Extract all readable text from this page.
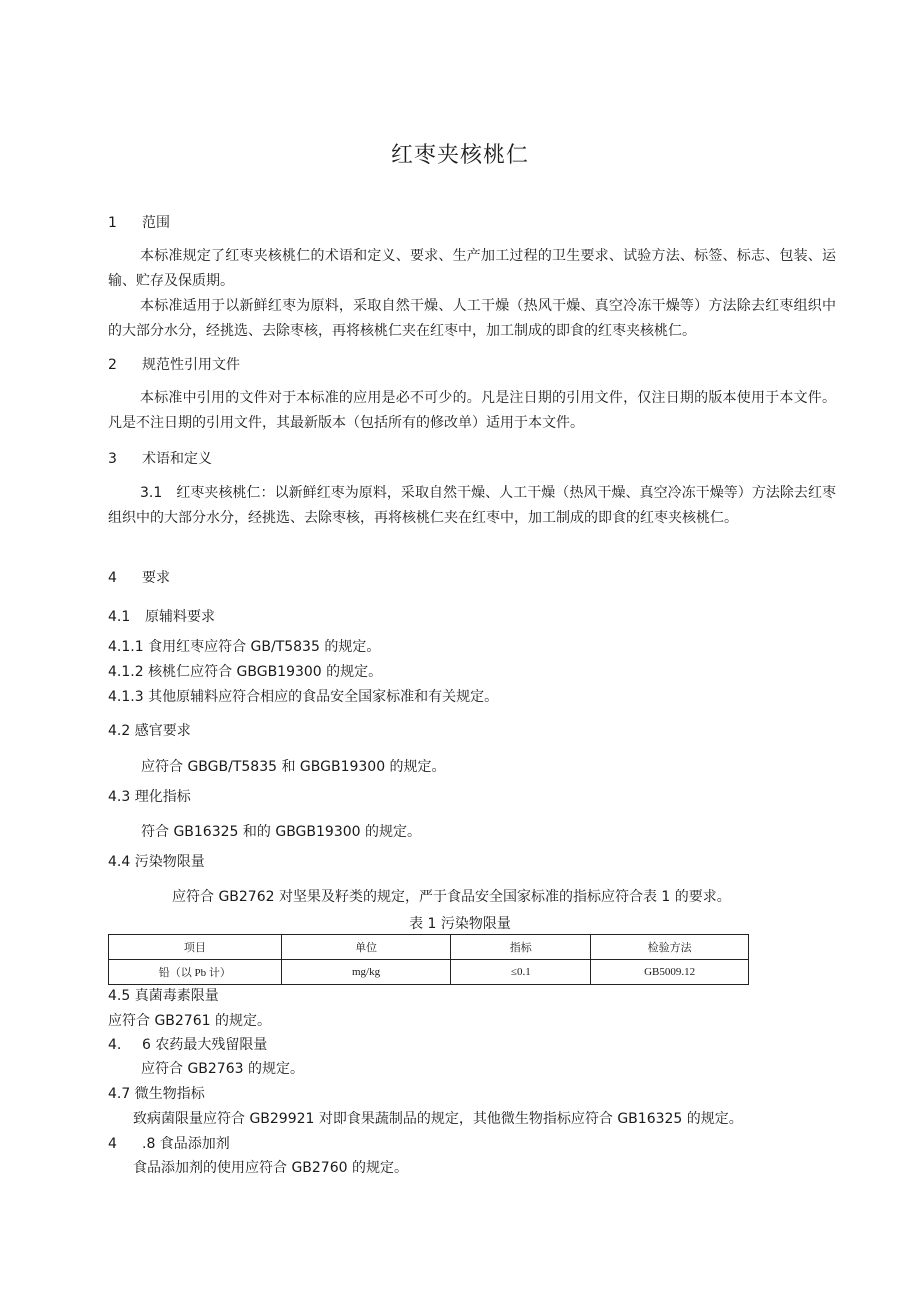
红枣夹核桃仁
1 范围
本标准规定了红枣夹核桃仁的术语和定义、要求、生产加工过程的卫生要求、试验方法、标签、标志、包装、运输、贮存及保质期。
本标准适用于以新鲜红枣为原料，采取自然干燥、人工干燥（热风干燥、真空冷冻干燥等）方法除去红枣组织中的大部分水分，经挑选、去除枣核，再将核桃仁夹在红枣中，加工制成的即食的红枣夹核桃仁。
2 规范性引用文件
本标准中引用的文件对于本标准的应用是必不可少的。凡是注日期的引用文件，仅注日期的版本使用于本文件。凡是不注日期的引用文件，其最新版本（包括所有的修改单）适用于本文件。
3 术语和定义
3.1　红枣夹核桃仁：以新鲜红枣为原料，采取自然干燥、人工干燥（热风干燥、真空冷冻干燥等）方法除去红枣组织中的大部分水分，经挑选、去除枣核，再将核桃仁夹在红枣中，加工制成的即食的红枣夹核桃仁。
4 要求
4.1 原辅料要求
4.1.1 食用红枣应符合 GB/T5835 的规定。
4.1.2 核桃仁应符合 GBGB19300 的规定。
4.1.3 其他原辅料应符合相应的食品安全国家标准和有关规定。
4.2 感官要求
应符合 GBGB/T5835 和 GBGB19300 的规定。
4.3 理化指标
符合 GB16325 和的 GBGB19300 的规定。
4.4 污染物限量
应符合 GB2762 对坚果及籽类的规定，严于食品安全国家标准的指标应符合表 1 的要求。
表 1 污染物限量
项目	单位	指标	检验方法
铅（以 Pb 计）	mg/kg	≤0.1	GB5009.12
4.5 真菌毒素限量
应符合 GB2761 的规定。
4. 6 农药最大残留限量
应符合 GB2763 的规定。
4.7 微生物指标
致病菌限量应符合 GB29921 对即食果蔬制品的规定，其他微生物指标应符合 GB16325 的规定。
4 .8 食品添加剂
食品添加剂的使用应符合 GB2760 的规定。
